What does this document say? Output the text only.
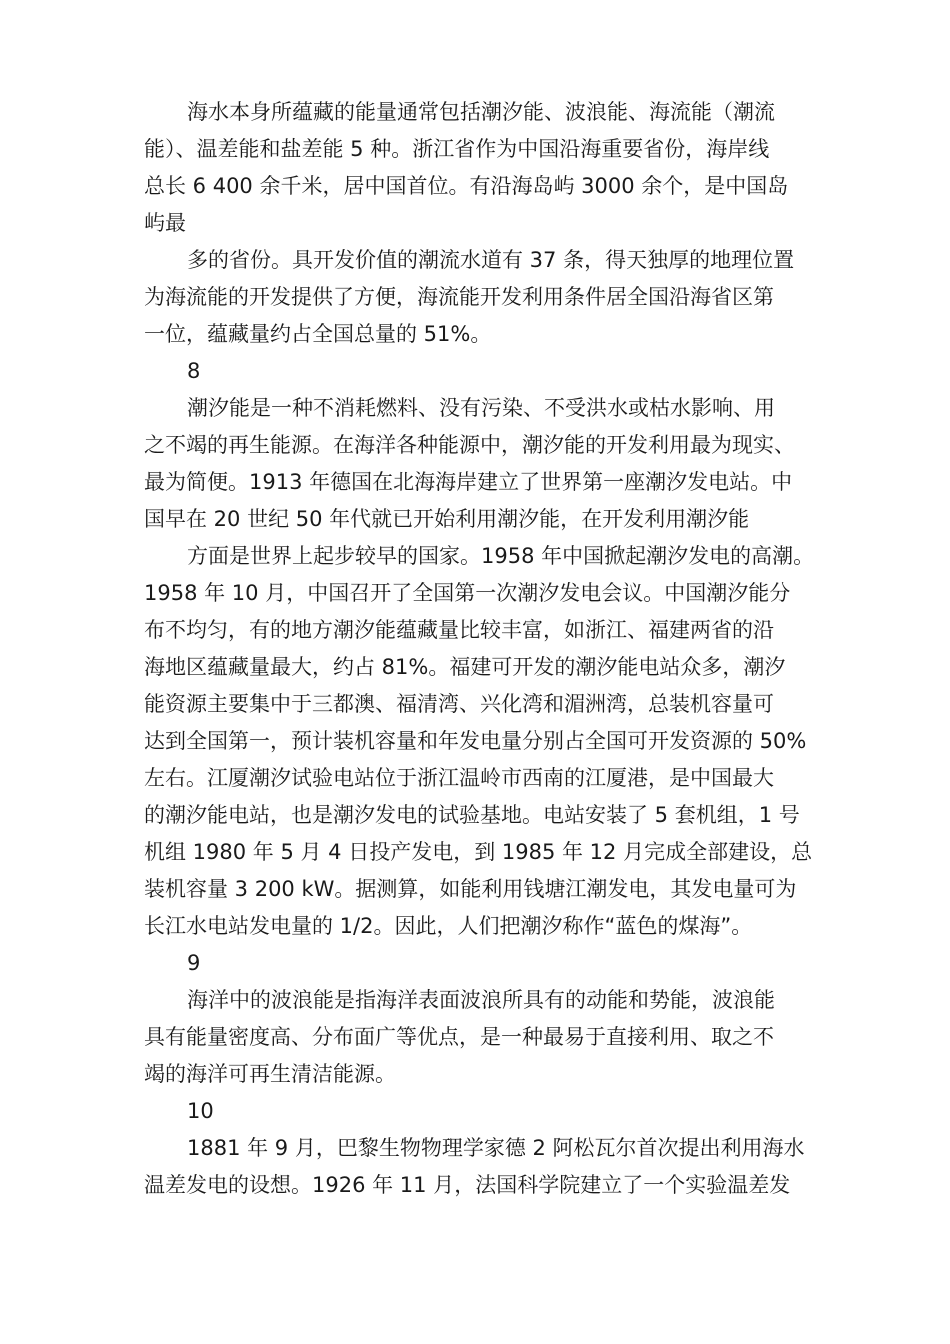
海水本身所蕴藏的能量通常包括潮汐能、波浪能、海流能（潮流
能）、温差能和盐差能 5 种。浙江省作为中国沿海重要省份，海岸线
总长 6 400 余千米，居中国首位。有沿海岛屿 3000 余个，是中国岛
屿最
多的省份。具开发价值的潮流水道有 37 条，得天独厚的地理位置
为海流能的开发提供了方便，海流能开发利用条件居全国沿海省区第
一位，蕴藏量约占全国总量的 51%。
8
潮汐能是一种不消耗燃料、没有污染、不受洪水或枯水影响、用
之不竭的再生能源。在海洋各种能源中，潮汐能的开发利用最为现实、
最为简便。1913 年德国在北海海岸建立了世界第一座潮汐发电站。中
国早在 20 世纪 50 年代就已开始利用潮汐能，在开发利用潮汐能
方面是世界上起步较早的国家。1958 年中国掀起潮汐发电的高潮。
1958 年 10 月，中国召开了全国第一次潮汐发电会议。中国潮汐能分
布不均匀，有的地方潮汐能蕴藏量比较丰富，如浙江、福建两省的沿
海地区蕴藏量最大，约占 81%。福建可开发的潮汐能电站众多，潮汐
能资源主要集中于三都澳、福清湾、兴化湾和湄洲湾，总装机容量可
达到全国第一，预计装机容量和年发电量分别占全国可开发资源的 50%
左右。江厦潮汐试验电站位于浙江温岭市西南的江厦港，是中国最大
的潮汐能电站，也是潮汐发电的试验基地。电站安装了 5 套机组，1 号
机组 1980 年 5 月 4 日投产发电，到 1985 年 12 月完成全部建设，总
装机容量 3 200 kW。据测算，如能利用钱塘江潮发电，其发电量可为
长江水电站发电量的 1/2。因此，人们把潮汐称作“蓝色的煤海”。
9
海洋中的波浪能是指海洋表面波浪所具有的动能和势能，波浪能
具有能量密度高、分布面广等优点，是一种最易于直接利用、取之不
竭的海洋可再生清洁能源。
10
1881 年 9 月，巴黎生物物理学家德 2 阿松瓦尔首次提出利用海水
温差发电的设想。1926 年 11 月，法国科学院建立了一个实验温差发
